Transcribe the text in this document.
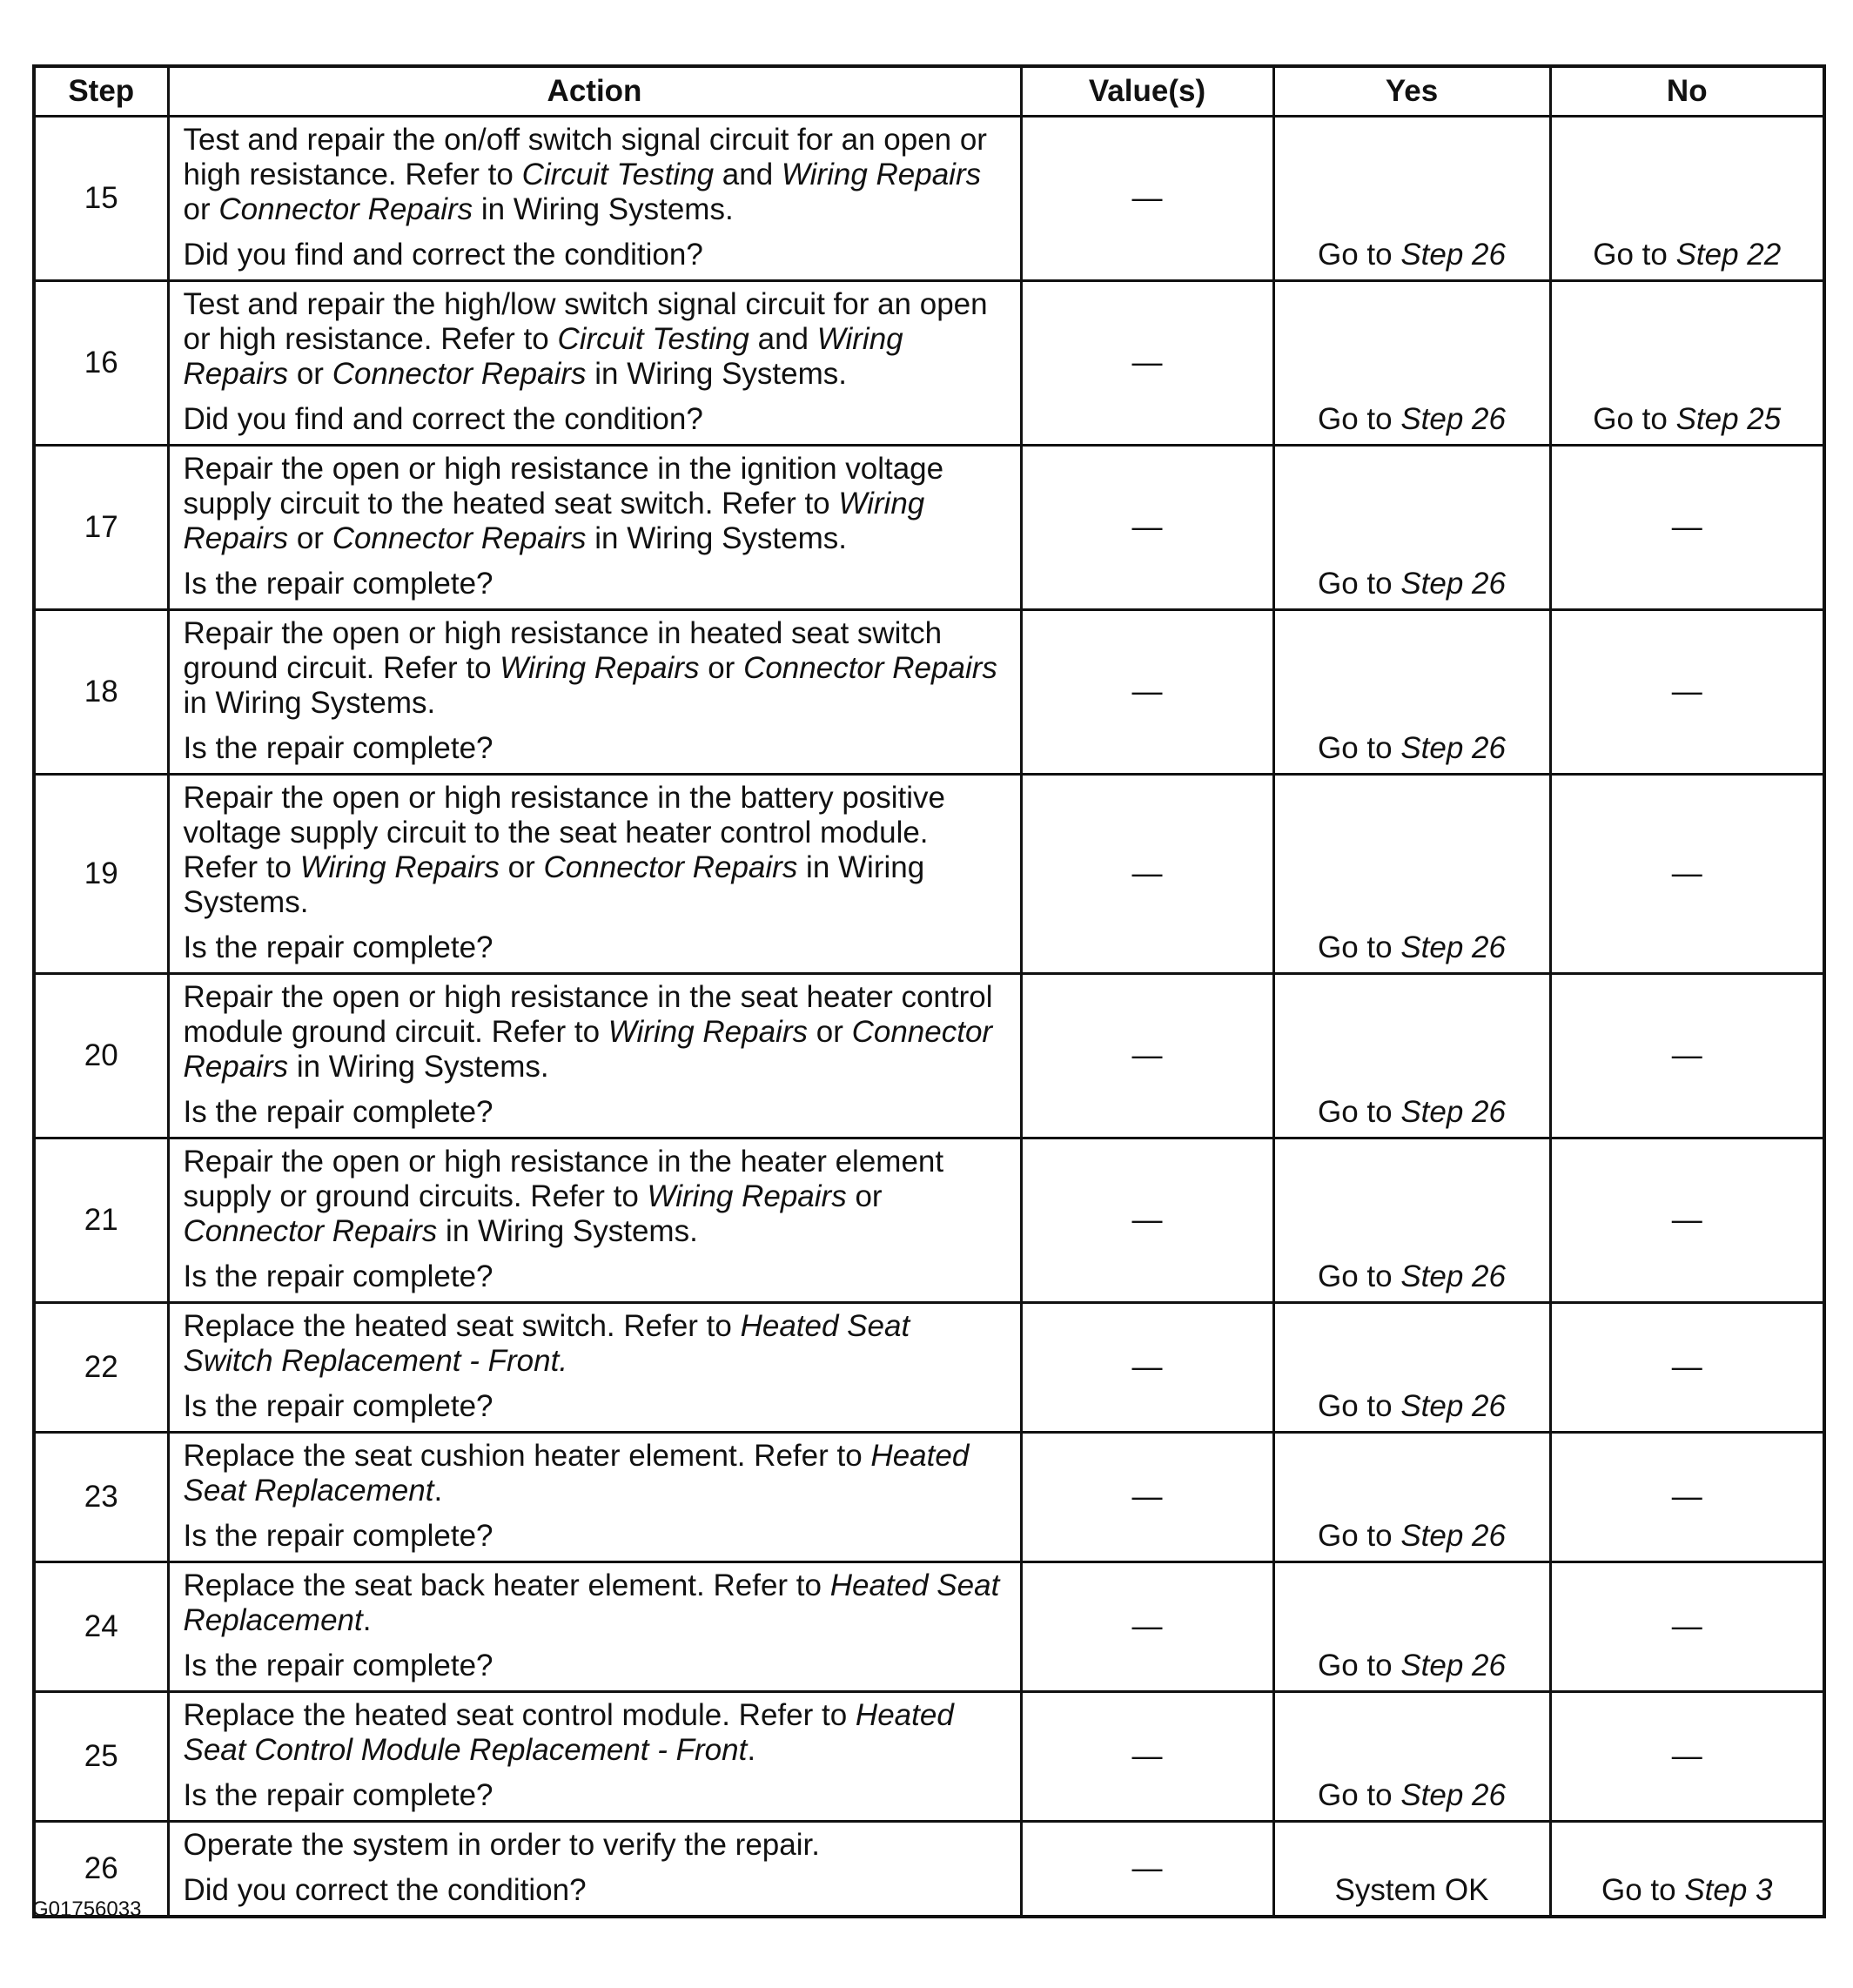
Step	Action	Value(s)	Yes	No
15	Test and repair the on/off switch signal circuit for an open or high resistance. Refer to Circuit Testing and Wiring Repairs or Connector Repairs in Wiring Systems.
Did you find and correct the condition?	—	Go to Step 26	Go to Step 22
16	Test and repair the high/low switch signal circuit for an open or high resistance. Refer to Circuit Testing and Wiring Repairs or Connector Repairs in Wiring Systems.
Did you find and correct the condition?	—	Go to Step 26	Go to Step 25
17	Repair the open or high resistance in the ignition voltage supply circuit to the heated seat switch. Refer to Wiring Repairs or Connector Repairs in Wiring Systems.
Is the repair complete?	—	Go to Step 26	—
18	Repair the open or high resistance in heated seat switch ground circuit. Refer to Wiring Repairs or Connector Repairs in Wiring Systems.
Is the repair complete?	—	Go to Step 26	—
19	Repair the open or high resistance in the battery positive voltage supply circuit to the seat heater control module. Refer to Wiring Repairs or Connector Repairs in Wiring Systems.
Is the repair complete?	—	Go to Step 26	—
20	Repair the open or high resistance in the seat heater control module ground circuit. Refer to Wiring Repairs or Connector Repairs in Wiring Systems.
Is the repair complete?	—	Go to Step 26	—
21	Repair the open or high resistance in the heater element supply or ground circuits. Refer to Wiring Repairs or Connector Repairs in Wiring Systems.
Is the repair complete?	—	Go to Step 26	—
22	Replace the heated seat switch. Refer to Heated Seat Switch Replacement - Front.
Is the repair complete?	—	Go to Step 26	—
23	Replace the seat cushion heater element. Refer to Heated Seat Replacement.
Is the repair complete?	—	Go to Step 26	—
24	Replace the seat back heater element. Refer to Heated Seat Replacement.
Is the repair complete?	—	Go to Step 26	—
25	Replace the heated seat control module. Refer to Heated Seat Control Module Replacement - Front.
Is the repair complete?	—	Go to Step 26	—
26	Operate the system in order to verify the repair.
Did you correct the condition?	—	System OK	Go to Step 3
G01756033
